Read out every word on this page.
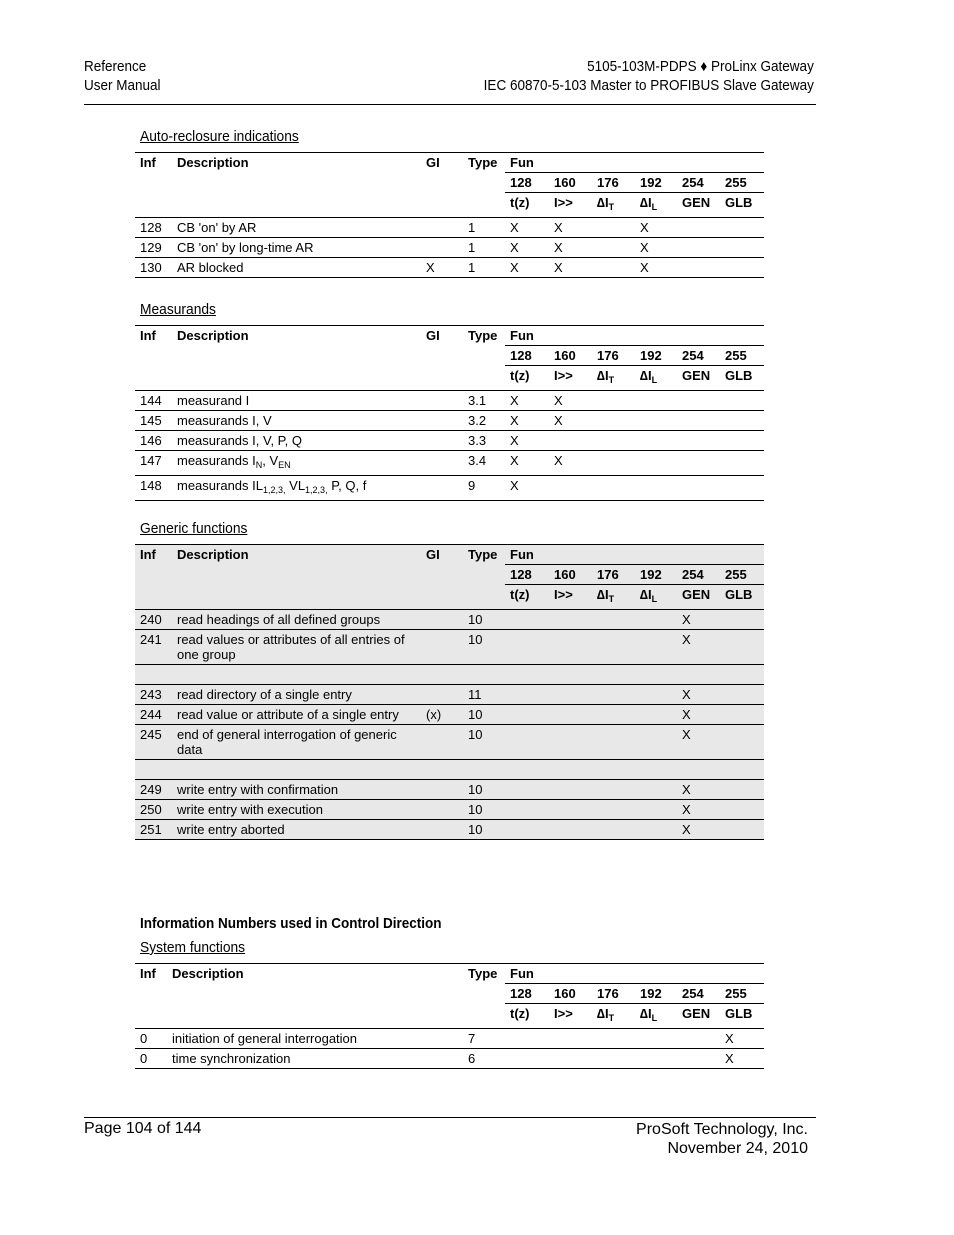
Reference
User Manual
5105-103M-PDPS ♦ ProLinx Gateway
IEC 60870-5-103 Master to PROFIBUS Slave Gateway
Auto-reclosure indications
Inf	Description	GI	Type	Fun					
				128	160	176	192	254	255
				t(z)	I>>	$\Delta I_T$	$\Delta I_L$	GEN	GLB
128	CB 'on' by AR		1	X	X		X		
129	CB 'on' by long-time AR		1	X	X		X		
130	AR blocked	X	1	X	X		X		
Measurands
Inf	Description	GI	Type	Fun					
				128	160	176	192	254	255
				t(z)	I>>	$\Delta I_T$	$\Delta I_L$	GEN	GLB
144	measurand I		3.1	X	X				
145	measurands I, V		3.2	X	X				
146	measurands I, V, P, Q		3.3	X					
147	measurands $I_N$, $V_{EN}$		3.4	X	X				
148	measurands $IL_{1,2,3,}$ $VL_{1,2,3,}$ P, Q, f		9	X					
Generic functions
Inf	Description	GI	Type	Fun					
				128	160	176	192	254	255
				t(z)	I>>	$\Delta I_T$	$\Delta I_L$	GEN	GLB
240	read headings of all defined groups		10					X	
241	read values or attributes of all entries of one group		10					X	

243	read directory of a single entry		11					X	
244	read value or attribute of a single entry	(x)	10					X	
245	end of general interrogation of generic data		10					X	

249	write entry with confirmation		10					X	
250	write entry with execution		10					X	
251	write entry aborted		10					X	
Information Numbers used in Control Direction
System functions
Inf	Description	Type	Fun					
			128	160	176	192	254	255
			t(z)	I>>	$\Delta I_T$	$\Delta I_L$	GEN	GLB
0	initiation of general interrogation	7						X
0	time synchronization	6						X
Page 104 of 144	ProSoft Technology, Inc.
November 24, 2010
